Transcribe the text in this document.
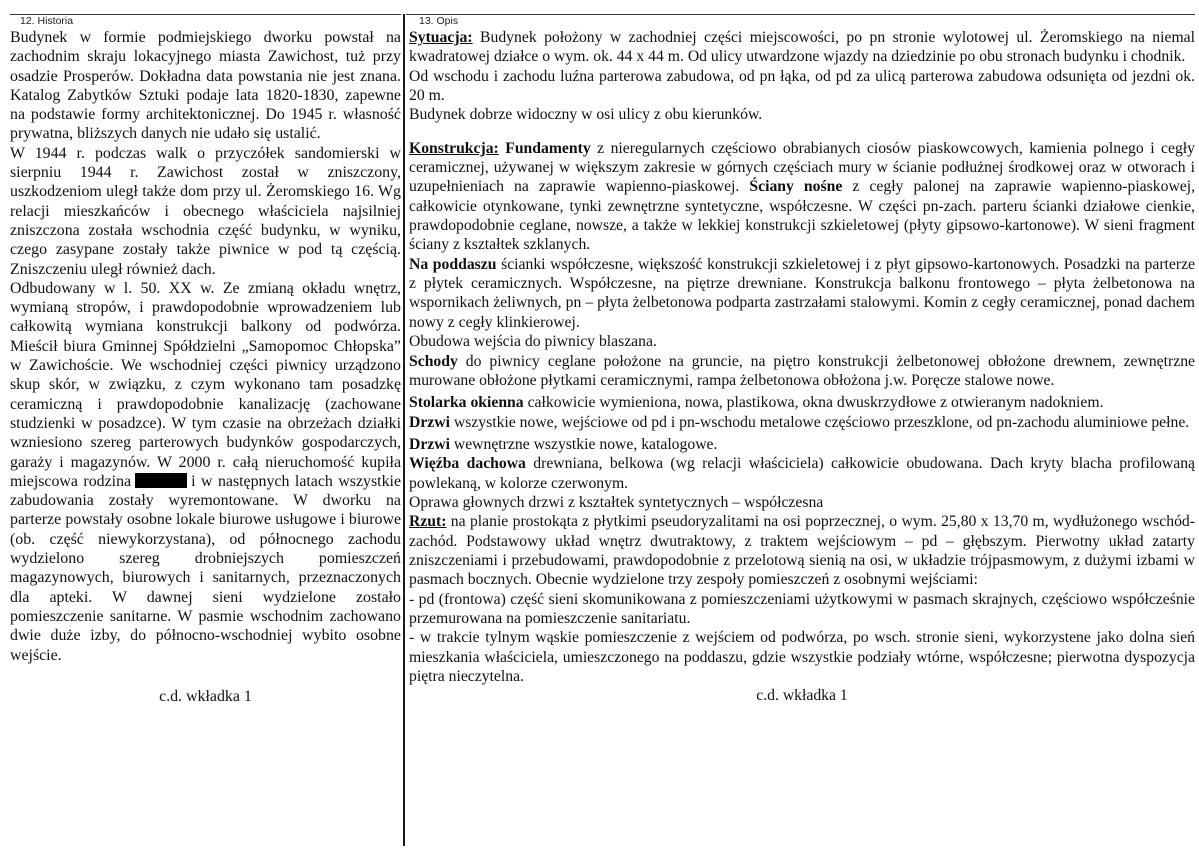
12. Historia

Budynek w formie podmiejskiego dworku powstał na zachodnim skraju lokacyjnego miasta Zawichost, tuż przy osadzie Prosperów. Dokładna data powstania nie jest znana. Katalog Zabytków Sztuki podaje lata 1820-1830, zapewne na podstawie formy architektonicznej. Do 1945 r. własność prywatna, bliższych danych nie udało się ustalić.

W 1944 r. podczas walk o przyczółek sandomierski w sierpniu 1944 r. Zawichost został w zniszczony, uszkodzeniom uległ także dom przy ul. Żeromskiego 16. Wg relacji mieszkańców i obecnego właściciela najsilniej zniszczona została wschodnia część budynku, w wyniku, czego zasypane zostały także piwnice w pod tą częścią. Zniszczeniu uległ również dach.

Odbudowany w l. 50. XX w. Ze zmianą okładu wnętrz, wymianą stropów, i prawdopodobnie wprowadzeniem lub całkowitą wymiana konstrukcji balkony od podwórza. Mieścił biura Gminnej Spółdzielni „Samopomoc Chłopska” w Zawichoście. We wschodniej części piwnicy urządzono skup skór, w związku, z czym wykonano tam posadzkę ceramiczną i prawdopodobnie kanalizację (zachowane studzienki w posadzce). W tym czasie na obrzeżach działki wzniesiono szereg parterowych budynków gospodarczych, garaży i magazynów. W 2000 r. całą nieruchomość kupiła miejscowa rodzina	i w następnych latach wszystkie zabudowania zostały wyremontowane. W dworku na parterze powstały osobne lokale biurowe usługowe i biurowe (ob. część niewykorzystana), od północnego zachodu wydzielono szereg drobniejszych pomieszczeń magazynowych, biurowych i sanitarnych, przeznaczonych dla apteki. W dawnej sieni wydzielone zostało pomieszczenie sanitarne. W pasmie wschodnim zachowano dwie duże izby, do północno-wschodniej wybito osobne wejście.

c.d. wkładka 1

13. Opis

Sytuacja: Budynek położony w zachodniej części miejscowości, po pn stronie wylotowej ul. Żeromskiego na niemal kwadratowej działce o wym. ok. 44 x 44 m. Od ulicy utwardzone wjazdy na dziedzinie po obu stronach budynku i chodnik.

Od wschodu i zachodu luźna parterowa zabudowa, od pn łąka, od pd za ulicą parterowa zabudowa odsunięta od jezdni ok. 20 m.

Budynek dobrze widoczny w osi ulicy z obu kierunków.

Konstrukcja: Fundamenty z nieregularnych częściowo obrabianych ciosów piaskowcowych, kamienia polnego i cegły ceramicznej, używanej w większym zakresie w górnych częściach mury w ścianie podłużnej środkowej oraz w otworach i uzupełnieniach na zaprawie wapienno-piaskowej. Ściany nośne z cegły palonej na zaprawie wapienno-piaskowej, całkowicie otynkowane, tynki zewnętrzne syntetyczne, współczesne. W części pn-zach. parteru ścianki działowe cienkie, prawdopodobnie ceglane, nowsze, a także w lekkiej konstrukcji szkieletowej (płyty gipsowo-kartonowe). W sieni fragment ściany z kształtek szklanych.

Na poddaszu ścianki współczesne, większość konstrukcji szkieletowej i z płyt gipsowo-kartonowych. Posadzki na parterze z płytek ceramicznych. Współczesne, na piętrze drewniane. Konstrukcja balkonu frontowego – płyta żelbetonowa na wspornikach żeliwnych, pn – płyta żelbetonowa podparta zastrzałami stalowymi. Komin z cegły ceramicznej, ponad dachem nowy z cegły klinkierowej.

Obudowa wejścia do piwnicy blaszana.

Schody do piwnicy ceglane położone na gruncie, na piętro konstrukcji żelbetonowej obłożone drewnem, zewnętrzne murowane obłożone płytkami ceramicznymi, rampa żelbetonowa obłożona j.w. Poręcze stalowe nowe.

Stolarka okienna całkowicie wymieniona, nowa, plastikowa, okna dwuskrzydłowe z otwieranym nadokniem.

Drzwi wszystkie nowe, wejściowe od pd i pn-wschodu metalowe częściowo przeszklone, od pn-zachodu aluminiowe pełne.

Drzwi wewnętrzne wszystkie nowe, katalogowe.

Więźba dachowa drewniana, belkowa (wg relacji właściciela) całkowicie obudowana. Dach kryty blacha profilowaną powlekaną, w kolorze czerwonym.

Oprawa głownych drzwi z kształtek syntetycznych – współczesna

Rzut: na planie prostokąta z płytkimi pseudoryzalitami na osi poprzecznej, o wym. 25,80 x 13,70 m, wydłużonego wschód-zachód. Podstawowy układ wnętrz dwutraktowy, z traktem wejściowym – pd – głębszym. Pierwotny układ zatarty zniszczeniami i przebudowami, prawdopodobnie z przelotową sienią na osi, w układzie trójpasmowym, z dużymi izbami w pasmach bocznych. Obecnie wydzielone trzy zespoły pomieszczeń z osobnymi wejściami:

- pd (frontowa) część sieni skomunikowana z pomieszczeniami użytkowymi w pasmach skrajnych, częściowo współcześnie przemurowana na pomieszczenie sanitariatu.

- w trakcie tylnym wąskie pomieszczenie z wejściem od podwórza, po wsch. stronie sieni, wykorzystene jako dolna sień mieszkania właściciela, umieszczonego na poddaszu, gdzie wszystkie podziały wtórne, współczesne; pierwotna dyspozycja piętra nieczytelna.

c.d. wkładka 1
